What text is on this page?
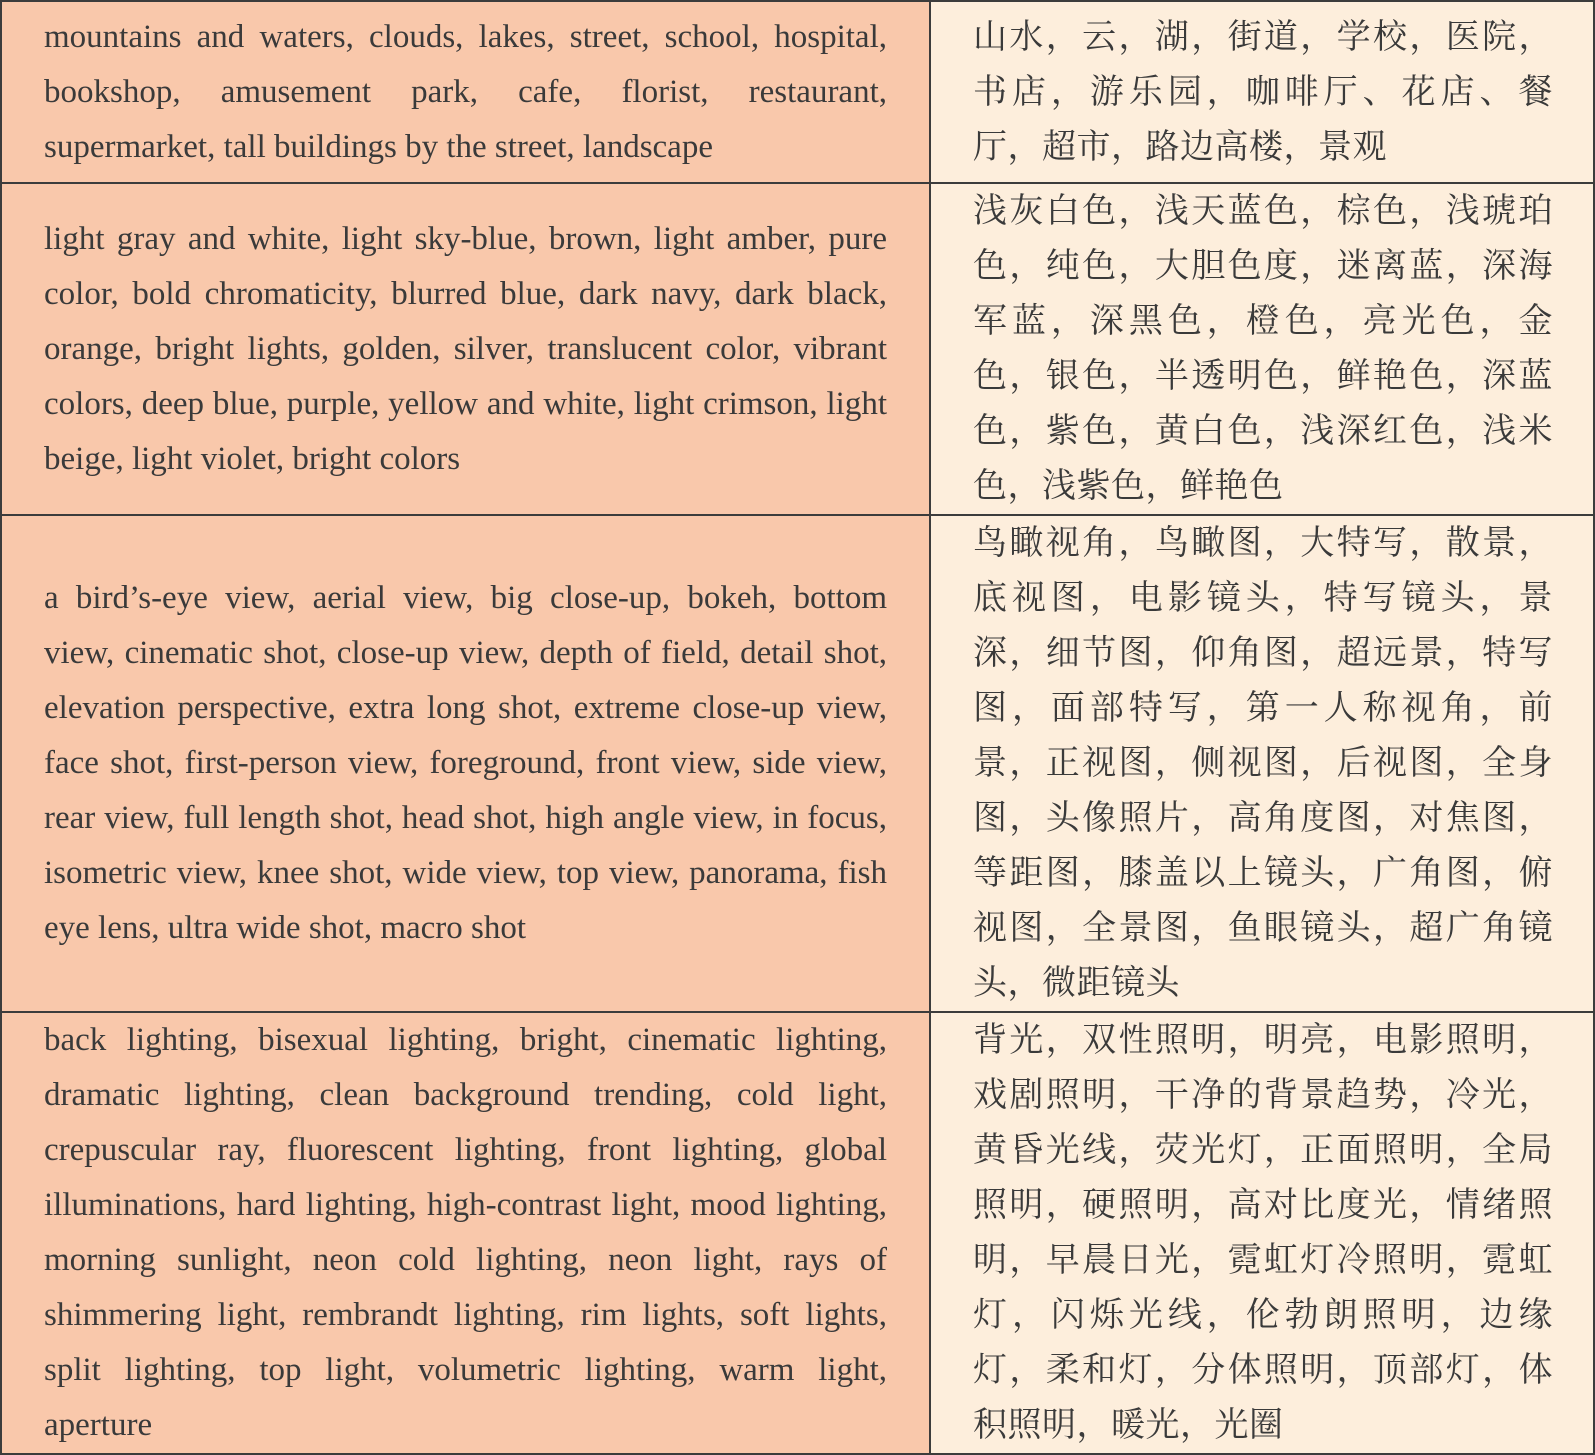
mountains and waters, clouds, lakes, street, school, hospital, bookshop, amusement park, cafe, florist, restaurant, supermarket, tall buildings by the street, landscape	山水，云，湖，街道，学校，医院，书店，游乐园，咖啡厅、花店、餐厅，超市，路边高楼，景观
light gray and white, light sky-blue, brown, light amber, pure color, bold chromaticity, blurred blue, dark navy, dark black, orange, bright lights, golden, silver, translucent color, vibrant colors, deep blue, purple, yellow and white, light crimson, light beige, light violet, bright colors	浅灰白色，浅天蓝色，棕色，浅琥珀色，纯色，大胆色度，迷离蓝，深海军蓝，深黑色，橙色，亮光色，金色，银色，半透明色，鲜艳色，深蓝色，紫色，黄白色，浅深红色，浅米色，浅紫色，鲜艳色
a bird’s-eye view, aerial view, big close-up, bokeh, bottom view, cinematic shot, close-up view, depth of field, detail shot, elevation perspective, extra long shot, extreme close-up view, face shot, first-person view, foreground, front view, side view, rear view, full length shot, head shot, high angle view, in focus, isometric view, knee shot, wide view, top view, panorama, fish eye lens, ultra wide shot, macro shot	鸟瞰视角，鸟瞰图，大特写，散景，底视图，电影镜头，特写镜头，景深，细节图，仰角图，超远景，特写图，面部特写，第一人称视角，前景，正视图，侧视图，后视图，全身图，头像照片，高角度图，对焦图，等距图，膝盖以上镜头，广角图，俯视图，全景图，鱼眼镜头，超广角镜头，微距镜头
back lighting, bisexual lighting, bright, cinematic lighting, dramatic lighting, clean background trending, cold light, crepuscular ray, fluorescent lighting, front lighting, global illuminations, hard lighting, high-contrast light, mood lighting, morning sunlight, neon cold lighting, neon light, rays of shimmering light, rembrandt lighting, rim lights, soft lights, split lighting, top light, volumetric lighting, warm light, aperture	背光，双性照明，明亮，电影照明，戏剧照明，干净的背景趋势，冷光，黄昏光线，荧光灯，正面照明，全局照明，硬照明，高对比度光，情绪照明，早晨日光，霓虹灯冷照明，霓虹灯，闪烁光线，伦勃朗照明，边缘灯，柔和灯，分体照明，顶部灯，体积照明，暖光，光圈
